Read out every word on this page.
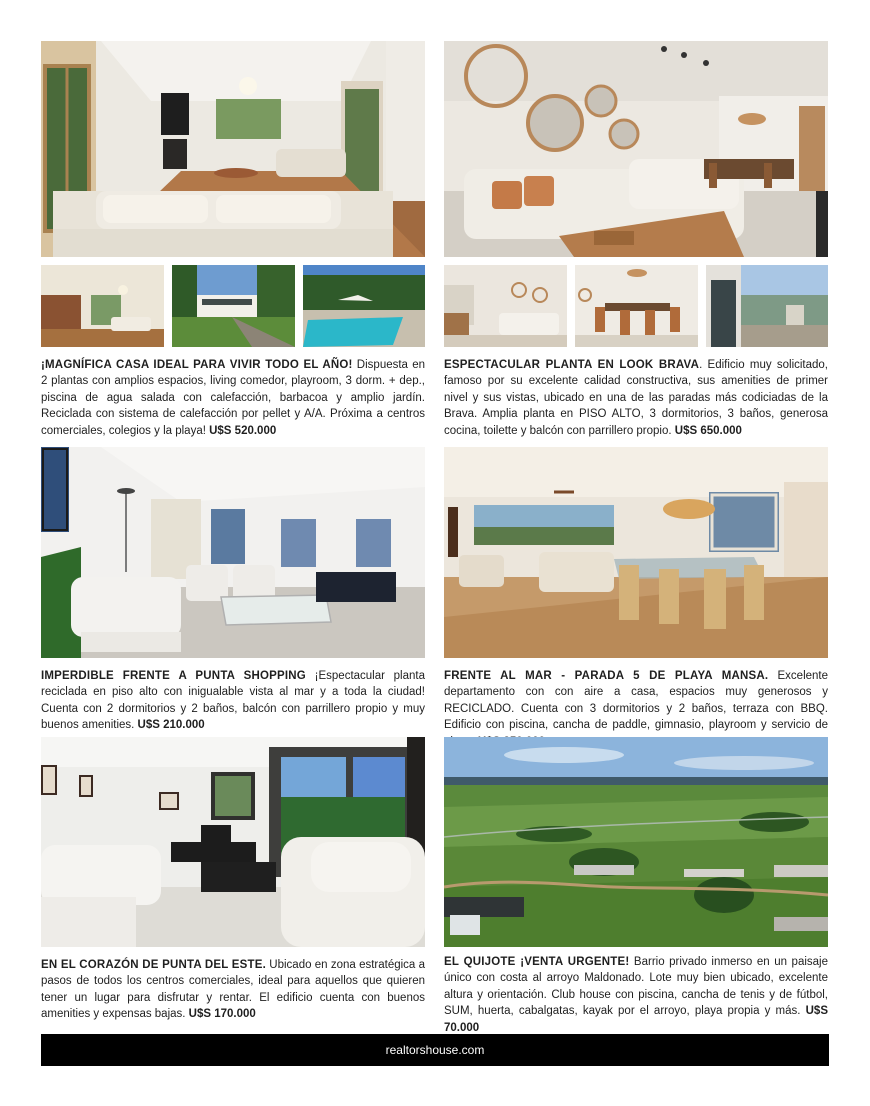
¡MAGNÍFICA CASA IDEAL PARA VIVIR TODO EL AÑO! Dispuesta en 2 plantas con amplios espacios, living comedor, playroom, 3 dorm. + dep., piscina de agua salada con calefacción, barbacoa y amplio jardín. Reciclada con sistema de calefacción por pellet y A/A. Próxima a centros comerciales, colegios y la playa! U$S 520.000

ESPECTACULAR PLANTA EN LOOK BRAVA. Edificio muy solicitado, famoso por su excelente calidad constructiva, sus amenities de primer nivel y sus vistas, ubicado en una de las paradas más codiciadas de la Brava. Amplia planta en PISO ALTO, 3 dormitorios, 3 baños, generosa cocina, toilette y balcón con parrillero propio. U$S 650.000

IMPERDIBLE FRENTE A PUNTA SHOPPING ¡Espectacular planta reciclada en piso alto con inigualable vista al mar y a toda la ciudad! Cuenta con 2 dormitorios y 2 baños, balcón con parrillero propio y muy buenos amenities. U$S 210.000

FRENTE AL MAR - PARADA 5 DE PLAYA MANSA. Excelente departamento con con aire a casa, espacios muy generosos y RECICLADO. Cuenta con 3 dormitorios y 2 baños, terraza con BBQ. Edificio con piscina, cancha de paddle, gimnasio, playroom y servicio de

EN EL CORAZÓN DE PUNTA DEL ESTE. Ubicado en zona estratégica a pasos de todos los centros comerciales, ideal para aquellos que quieren tener un lugar para disfrutar y rentar. El edificio cuenta con buenos amenities y expensas bajas. U$S 170.000

EL QUIJOTE ¡VENTA URGENTE! Barrio privado inmerso en un paisaje único con costa al arroyo Maldonado. Lote muy bien ubicado, excelente altura y orientación. Club house con piscina, cancha de tenis y de fútbol, SUM, huerta, cabalgatas, kayak por el arroyo, playa propia y más. U$S 70.000

realtorshouse.com
